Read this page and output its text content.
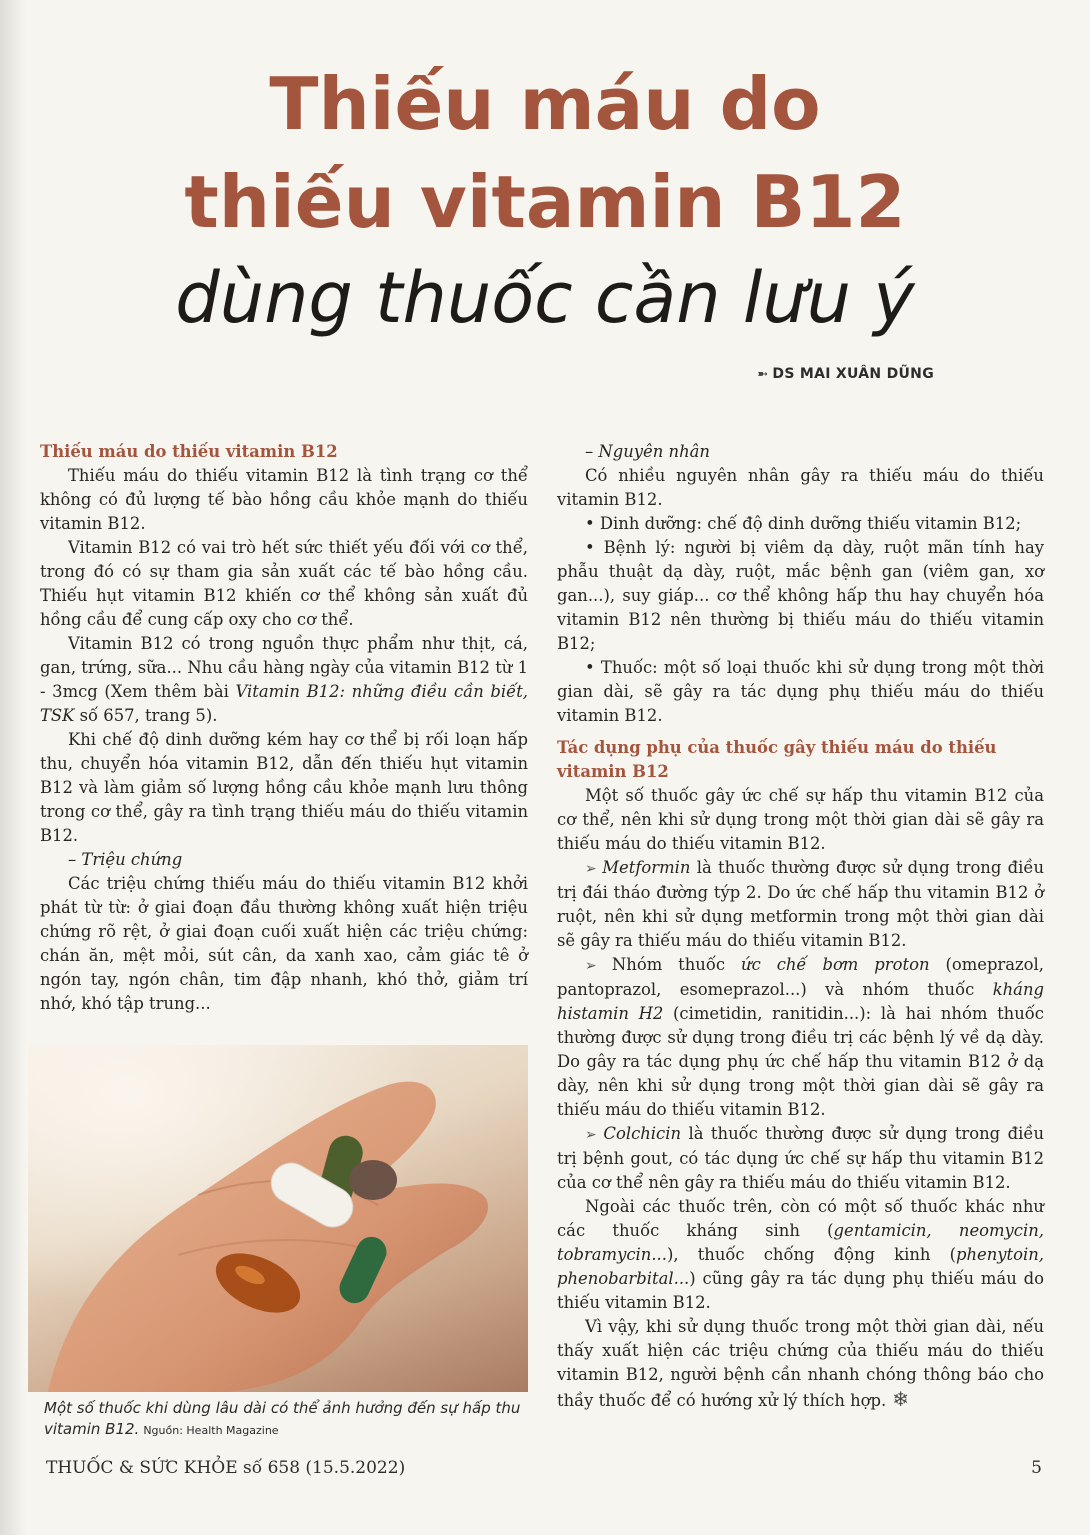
Thiếu máu do
thiếu vitamin B12
dùng thuốc cần lưu ý
➼ DS MAI XUÂN DŨNG
Thiếu máu do thiếu vitamin B12

Thiếu máu do thiếu vitamin B12 là tình trạng cơ thể không có đủ lượng tế bào hồng cầu khỏe mạnh do thiếu vitamin B12.

Vitamin B12 có vai trò hết sức thiết yếu đối với cơ thể, trong đó có sự tham gia sản xuất các tế bào hồng cầu. Thiếu hụt vitamin B12 khiến cơ thể không sản xuất đủ hồng cầu để cung cấp oxy cho cơ thể.

Vitamin B12 có trong nguồn thực phẩm như thịt, cá, gan, trứng, sữa... Nhu cầu hàng ngày của vitamin B12 từ 1 - 3mcg (Xem thêm bài Vitamin B12: những điều cần biết, TSK số 657, trang 5).

Khi chế độ dinh dưỡng kém hay cơ thể bị rối loạn hấp thu, chuyển hóa vitamin B12, dẫn đến thiếu hụt vitamin B12 và làm giảm số lượng hồng cầu khỏe mạnh lưu thông trong cơ thể, gây ra tình trạng thiếu máu do thiếu vitamin B12.

– Triệu chứng

Các triệu chứng thiếu máu do thiếu vitamin B12 khởi phát từ từ: ở giai đoạn đầu thường không xuất hiện triệu chứng rõ rệt, ở giai đoạn cuối xuất hiện các triệu chứng: chán ăn, mệt mỏi, sút cân, da xanh xao, cảm giác tê ở ngón tay, ngón chân, tim đập nhanh, khó thở, giảm trí nhớ, khó tập trung...

Một số thuốc khi dùng lâu dài có thể ảnh hưởng đến sự hấp thu vitamin B12. Nguồn: Health Magazine

– Nguyên nhân

Có nhiều nguyên nhân gây ra thiếu máu do thiếu vitamin B12.

• Dinh dưỡng: chế độ dinh dưỡng thiếu vitamin B12;

• Bệnh lý: người bị viêm dạ dày, ruột mãn tính hay phẫu thuật dạ dày, ruột, mắc bệnh gan (viêm gan, xơ gan...), suy giáp... cơ thể không hấp thu hay chuyển hóa vitamin B12 nên thường bị thiếu máu do thiếu vitamin B12;

• Thuốc: một số loại thuốc khi sử dụng trong một thời gian dài, sẽ gây ra tác dụng phụ thiếu máu do thiếu vitamin B12.

Tác dụng phụ của thuốc gây thiếu máu do thiếu vitamin B12

Một số thuốc gây ức chế sự hấp thu vitamin B12 của cơ thể, nên khi sử dụng trong một thời gian dài sẽ gây ra thiếu máu do thiếu vitamin B12.

➢ Metformin là thuốc thường được sử dụng trong điều trị đái tháo đường týp 2. Do ức chế hấp thu vitamin B12 ở ruột, nên khi sử dụng metformin trong một thời gian dài sẽ gây ra thiếu máu do thiếu vitamin B12.

➢ Nhóm thuốc ức chế bơm proton (omeprazol, pantoprazol, esomeprazol...) và nhóm thuốc kháng histamin H2 (cimetidin, ranitidin...): là hai nhóm thuốc thường được sử dụng trong điều trị các bệnh lý về dạ dày. Do gây ra tác dụng phụ ức chế hấp thu vitamin B12 ở dạ dày, nên khi sử dụng trong một thời gian dài sẽ gây ra thiếu máu do thiếu vitamin B12.

➢ Colchicin là thuốc thường được sử dụng trong điều trị bệnh gout, có tác dụng ức chế sự hấp thu vitamin B12 của cơ thể nên gây ra thiếu máu do thiếu vitamin B12.

Ngoài các thuốc trên, còn có một số thuốc khác như các thuốc kháng sinh (gentamicin, neomycin, tobramycin...), thuốc chống động kinh (phenytoin, phenobarbital...) cũng gây ra tác dụng phụ thiếu máu do thiếu vitamin B12.

Vì vậy, khi sử dụng thuốc trong một thời gian dài, nếu thấy xuất hiện các triệu chứng của thiếu máu do thiếu vitamin B12, người bệnh cần nhanh chóng thông báo cho thầy thuốc để có hướng xử lý thích hợp. ❄

THUỐC & SỨC KHỎE số 658 (15.5.2022)	5
